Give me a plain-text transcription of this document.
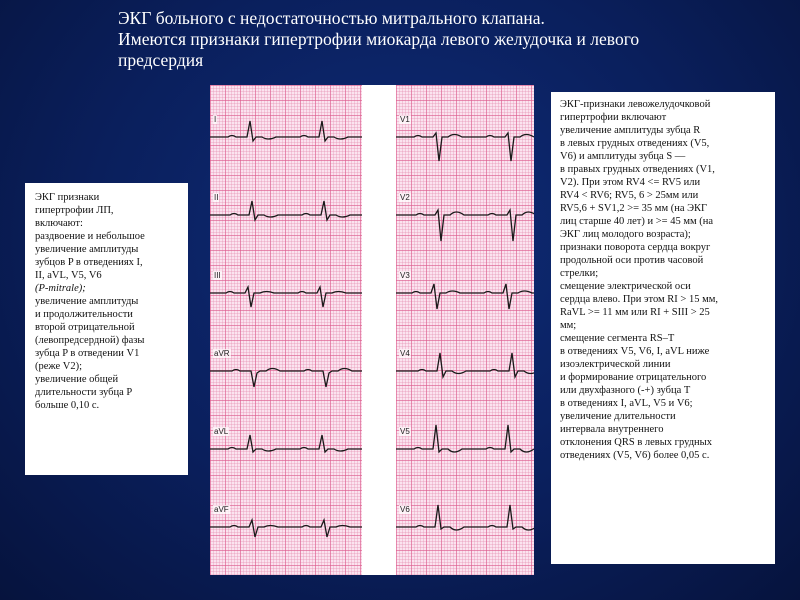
ЭКГ больного с недостаточностью митрального клапана.
Имеются признаки гипертрофии миокарда левого желудочка и левого
предсердия
I
II
III
aVR
aVL
aVF
V1
V2
V3
V4
V5
V6
ЭКГ признаки
гипертрофии ЛП,
включают:
раздвоение и небольшое
увеличение амплитуды
зубцов P в отведениях I,
II, aVL, V5, V6
(P-mitrale);
увеличение амплитуды
и продолжительности
второй отрицательной
(левопредсердной) фазы
зубца P в отведении V1
(реже V2);
увеличение общей
длительности зубца P
больше 0,10 с.
ЭКГ-признаки левожелудочковой
гипертрофии включают
увеличение амплитуды зубца R
в левых грудных отведениях (V5,
V6) и амплитуды зубца S —
в правых грудных отведениях (V1,
V2). При этом RV4 <= RV5 или
RV4 < RV6; RV5, 6 > 25мм или
RV5,6 + SV1,2 >= 35 мм (на ЭКГ
лиц старше 40 лет) и >= 45 мм (на
ЭКГ лиц молодого возраста);
признаки поворота сердца вокруг
продольной оси против часовой
стрелки;
смещение электрической оси
сердца влево. При этом RI > 15 мм,
RaVL >= 11 мм или RI + SIII > 25
мм;
смещение сегмента RS–T
в отведениях V5, V6, I, aVL ниже
изоэлектрической линии
и формирование отрицательного
или двухфазного (-+) зубца T
в отведениях I, aVL, V5 и V6;
увеличение длительности
интервала внутреннего
отклонения QRS в левых грудных
отведениях (V5, V6) более 0,05 с.
